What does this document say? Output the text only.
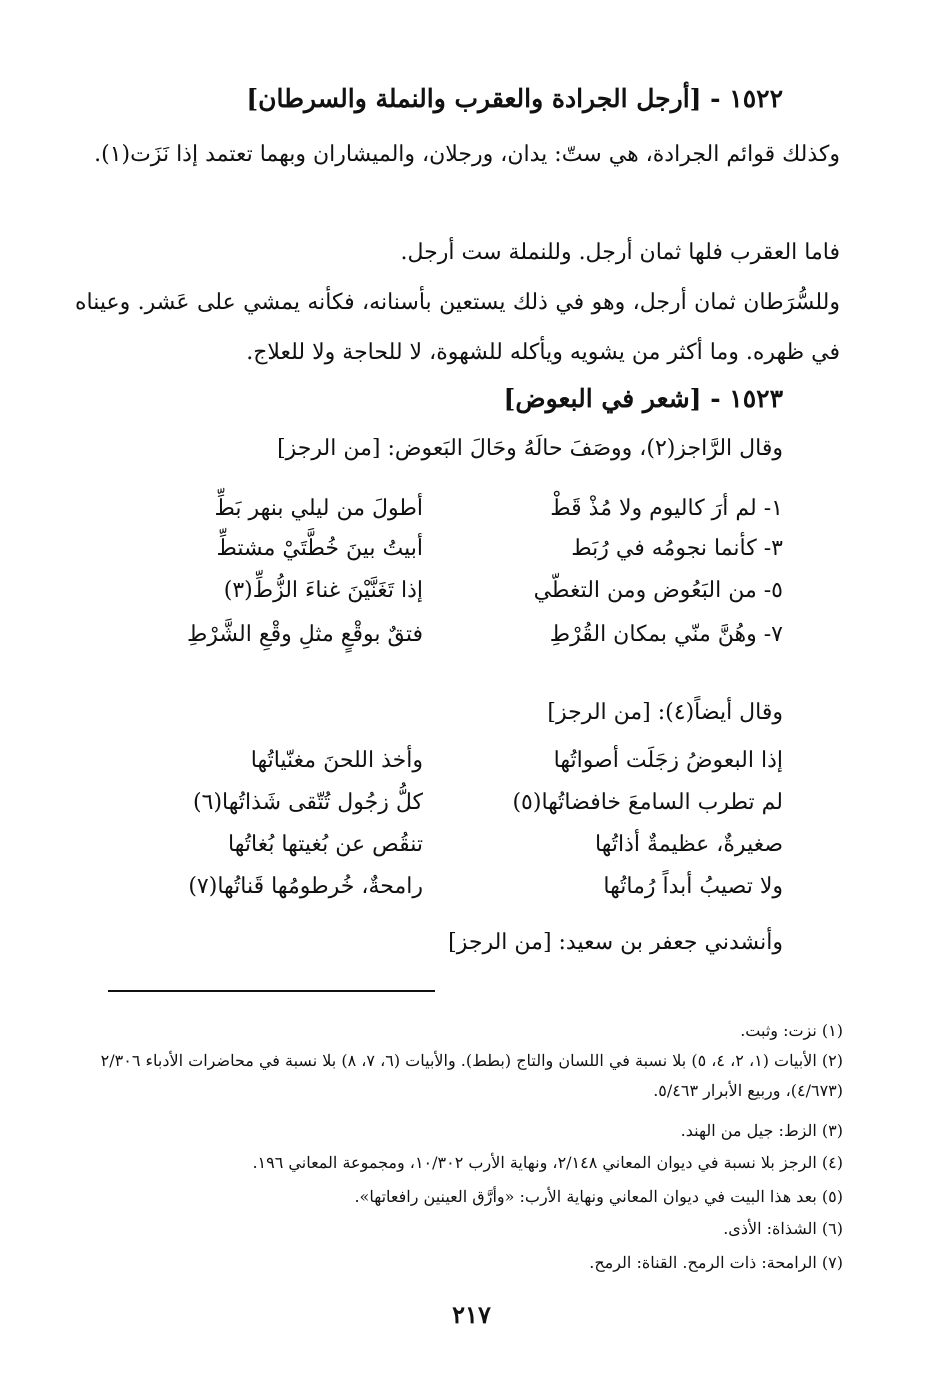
١٥٢٢ - [أرجل الجرادة والعقرب والنملة والسرطان]
وكذلك قوائم الجرادة، هي ستّ: يدان، ورجلان، والميشاران وبهما تعتمد إذا نَزَت(١).
فاما العقرب فلها ثمان أرجل. وللنملة ست أرجل.
وللسُّرَطان ثمان أرجل، وهو في ذلك يستعين بأسنانه، فكأنه يمشي على عَشر. وعيناه في ظهره. وما أكثر من يشويه ويأكله للشهوة، لا للحاجة ولا للعلاج.
١٥٢٣ - [شعر في البعوض]
وقال الرَّاجز(٢)، ووصَفَ حالَهُ وحَالَ البَعوض: [من الرجز]
١- لم أرَ كاليوم ولا مُذْ قَطْ
أطولَ من ليلي بنهر بَطِّ
٣- كأنما نجومُه في رُبَط
أبيتُ بينَ خُطَّتَيْ مشتطِّ
٥- من البَعُوض ومن التغطّي
إذا تَغَنَّيْنَ غناءَ الزُّطِّ(٣)
٧- وهُنَّ منّي بمكان القُرْطِ
فتقٌ بوقْعٍ مثلِ وقْعِ الشَّرْطِ
وقال أيضاً(٤): [من الرجز]
إذا البعوضُ زجَلَت أصواتُها
وأخذ اللحنَ مغنّياتُها
لم تطرب السامعَ خافضاتُها(٥)
كلُّ زجُول تُتّقى شَذاتُها(٦)
صغيرةٌ، عظيمةٌ أذاتُها
تنقُص عن بُغيتها بُغاتُها
ولا تصيبُ أبداً رُماتُها
رامحةٌ، خُرطومُها قَناتُها(٧)
وأنشدني جعفر بن سعيد: [من الرجز]
(١) نزت: وثبت.
(٢) الأبيات (١، ٢، ٤، ٥) بلا نسبة في اللسان والتاج (بطط). والأبيات (٦، ٧، ٨) بلا نسبة في محاضرات الأدباء ٢/٣٠٦ (٤/٦٧٣)، وربيع الأبرار ٥/٤٦٣.
(٣) الزط: جيل من الهند.
(٤) الرجز بلا نسبة في ديوان المعاني ٢/١٤٨، ونهاية الأرب ١٠/٣٠٢، ومجموعة المعاني ١٩٦.
(٥) بعد هذا البيت في ديوان المعاني ونهاية الأرب: «وأرَّق العينين رافعاتها».
(٦) الشذاة: الأذى.
(٧) الرامحة: ذات الرمح. القناة: الرمح.
٢١٧
